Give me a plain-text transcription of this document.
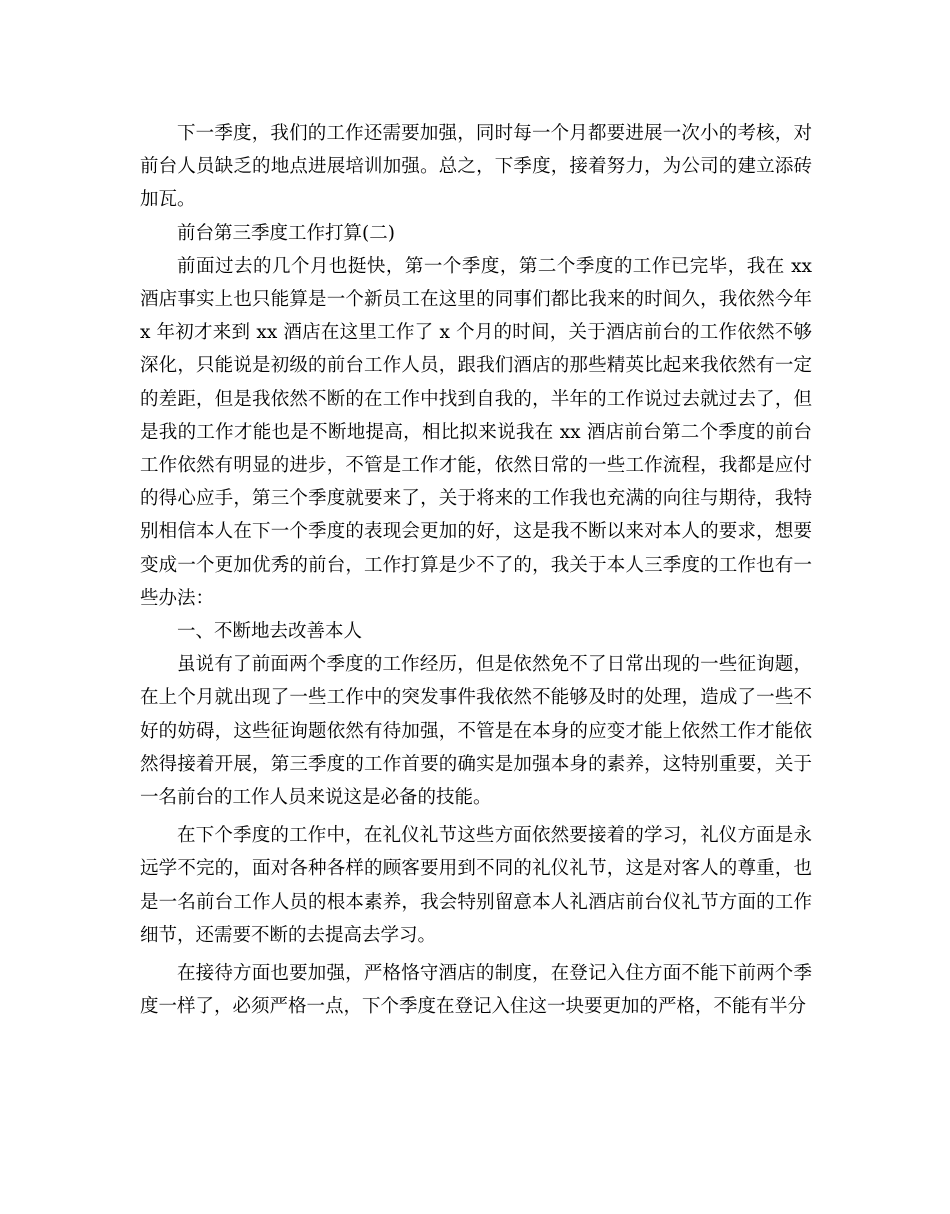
下一季度，我们的工作还需要加强，同时每一个月都要进展一次小的考核，对前台人员缺乏的地点进展培训加强。总之，下季度，接着努力，为公司的建立添砖加瓦。

前台第三季度工作打算(二)

前面过去的几个月也挺快，第一个季度，第二个季度的工作已完毕，我在 xx 酒店事实上也只能算是一个新员工在这里的同事们都比我来的时间久，我依然今年 x 年初才来到 xx 酒店在这里工作了 x 个月的时间，关于酒店前台的工作依然不够深化，只能说是初级的前台工作人员，跟我们酒店的那些精英比起来我依然有一定的差距，但是我依然不断的在工作中找到自我的，半年的工作说过去就过去了，但是我的工作才能也是不断地提高，相比拟来说我在 xx 酒店前台第二个季度的前台工作依然有明显的进步，不管是工作才能，依然日常的一些工作流程，我都是应付的得心应手，第三个季度就要来了，关于将来的工作我也充满的向往与期待，我特别相信本人在下一个季度的表现会更加的好，这是我不断以来对本人的要求，想要变成一个更加优秀的前台，工作打算是少不了的，我关于本人三季度的工作也有一些办法：

一、不断地去改善本人

虽说有了前面两个季度的工作经历，但是依然免不了日常出现的一些征询题，在上个月就出现了一些工作中的突发事件我依然不能够及时的处理，造成了一些不好的妨碍，这些征询题依然有待加强，不管是在本身的应变才能上依然工作才能依然得接着开展，第三季度的工作首要的确实是加强本身的素养，这特别重要，关于一名前台的工作人员来说这是必备的技能。

在下个季度的工作中，在礼仪礼节这些方面依然要接着的学习，礼仪方面是永远学不完的，面对各种各样的顾客要用到不同的礼仪礼节，这是对客人的尊重，也是一名前台工作人员的根本素养，我会特别留意本人礼酒店前台仪礼节方面的工作细节，还需要不断的去提高去学习。

在接待方面也要加强，严格恪守酒店的制度，在登记入住方面不能下前两个季度一样了，必须严格一点，下个季度在登记入住这一块要更加的严格，不能有半分
